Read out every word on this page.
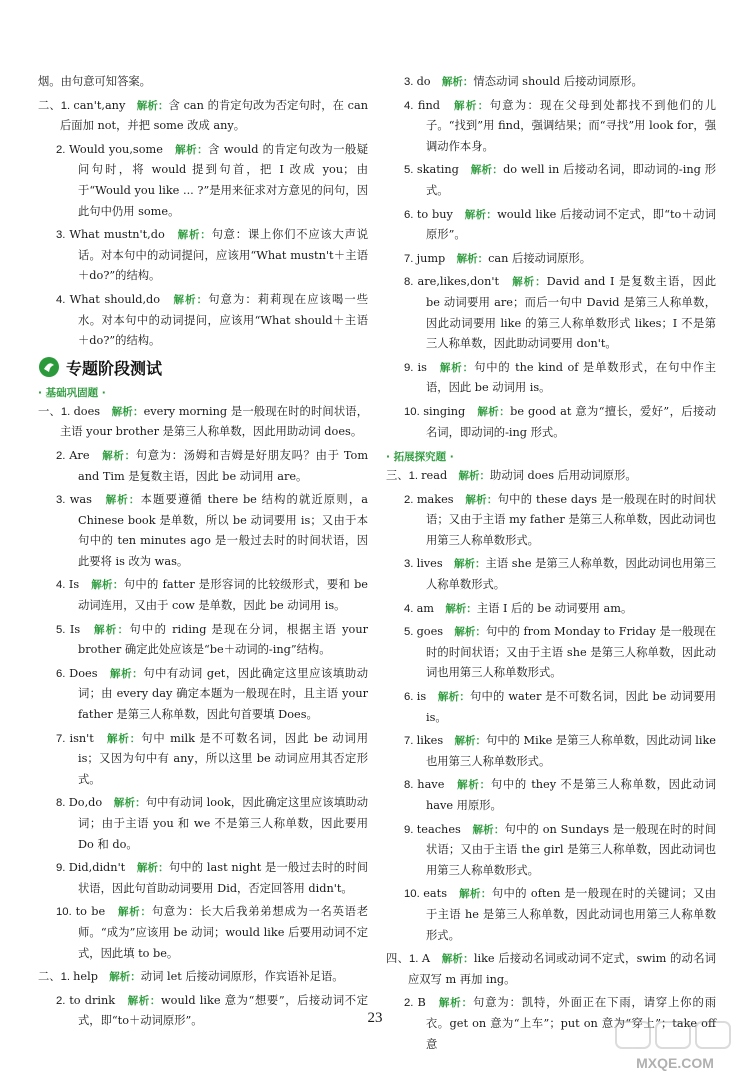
烟。由句意可知答案。

二、1. can't,any　解析：含 can 的肯定句改为否定句时，在 can 后面加 not，并把 some 改成 any。

2. Would you,some　解析：含 would 的肯定句改为一般疑问句时，将 would 提到句首，把 I 改成 you；由于“Would you like ... ?”是用来征求对方意见的问句，因此句中仍用 some。

3. What mustn't,do　解析：句意：课上你们不应该大声说话。对本句中的动词提问，应该用“What mustn't＋主语＋do?”的结构。

4. What should,do　解析：句意为：莉莉现在应该喝一些水。对本句中的动词提问，应该用“What should＋主语＋do?”的结构。

专题阶段测试
· 基础巩固题 ·

一、1. does　解析：every morning 是一般现在时的时间状语，主语 your brother 是第三人称单数，因此用助动词 does。

2. Are　解析：句意为：汤姆和吉姆是好朋友吗？由于 Tom and Tim 是复数主语，因此 be 动词用 are。

3. was　解析：本题要遵循 there be 结构的就近原则，a Chinese book 是单数，所以 be 动词要用 is；又由于本句中的 ten minutes ago 是一般过去时的时间状语，因此要将 is 改为 was。

4. Is　解析：句中的 fatter 是形容词的比较级形式，要和 be 动词连用，又由于 cow 是单数，因此 be 动词用 is。

5. Is　解析：句中的 riding 是现在分词，根据主语 your brother 确定此处应该是“be＋动词的-ing”结构。

6. Does　解析：句中有动词 get，因此确定这里应该填助动词；由 every day 确定本题为一般现在时，且主语 your father 是第三人称单数，因此句首要填 Does。

7. isn't　解析：句中 milk 是不可数名词，因此 be 动词用 is；又因为句中有 any，所以这里 be 动词应用其否定形式。

8. Do,do　解析：句中有动词 look，因此确定这里应该填助动词；由于主语 you 和 we 不是第三人称单数，因此要用 Do 和 do。

9. Did,didn't　解析：句中的 last night 是一般过去时的时间状语，因此句首助动词要用 Did，否定回答用 didn't。

10. to be　解析：句意为：长大后我弟弟想成为一名英语老师。“成为”应该用 be 动词；would like 后要用动词不定式，因此填 to be。

二、1. help　解析：动词 let 后接动词原形，作宾语补足语。

2. to drink　解析：would like 意为“想要”，后接动词不定式，即“to＋动词原形”。

3. do　解析：情态动词 should 后接动词原形。

4. find　解析：句意为：现在父母到处都找不到他们的儿子。“找到”用 find，强调结果；而“寻找”用 look for，强调动作本身。

5. skating　解析：do well in 后接动名词，即动词的-ing 形式。

6. to buy　解析：would like 后接动词不定式，即“to＋动词原形”。

7. jump　解析：can 后接动词原形。

8. are,likes,don't　解析：David and I 是复数主语，因此 be 动词要用 are；而后一句中 David 是第三人称单数，因此动词要用 like 的第三人称单数形式 likes；I 不是第三人称单数，因此助动词要用 don't。

9. is　解析：句中的 the kind of 是单数形式，在句中作主语，因此 be 动词用 is。

10. singing　解析：be good at 意为“擅长，爱好”，后接动名词，即动词的-ing 形式。

· 拓展探究题 ·

三、1. read　解析：助动词 does 后用动词原形。

2. makes　解析：句中的 these days 是一般现在时的时间状语；又由于主语 my father 是第三人称单数，因此动词也用第三人称单数形式。

3. lives　解析：主语 she 是第三人称单数，因此动词也用第三人称单数形式。

4. am　解析：主语 I 后的 be 动词要用 am。

5. goes　解析：句中的 from Monday to Friday 是一般现在时的时间状语；又由于主语 she 是第三人称单数，因此动词也用第三人称单数形式。

6. is　解析：句中的 water 是不可数名词，因此 be 动词要用 is。

7. likes　解析：句中的 Mike 是第三人称单数，因此动词 like 也用第三人称单数形式。

8. have　解析：句中的 they 不是第三人称单数，因此动词 have 用原形。

9. teaches　解析：句中的 on Sundays 是一般现在时的时间状语；又由于主语 the girl 是第三人称单数，因此动词也用第三人称单数形式。

10. eats　解析：句中的 often 是一般现在时的关键词；又由于主语 he 是第三人称单数，因此动词也用第三人称单数形式。

四、1. A　解析：like 后接动名词或动词不定式，swim 的动名词应双写 m 再加 ing。

2. B　解析：句意为：凯特，外面正在下雨，请穿上你的雨衣。get on 意为“上车”；put on 意为“穿上”；take off 意

23
MXQE.COM
